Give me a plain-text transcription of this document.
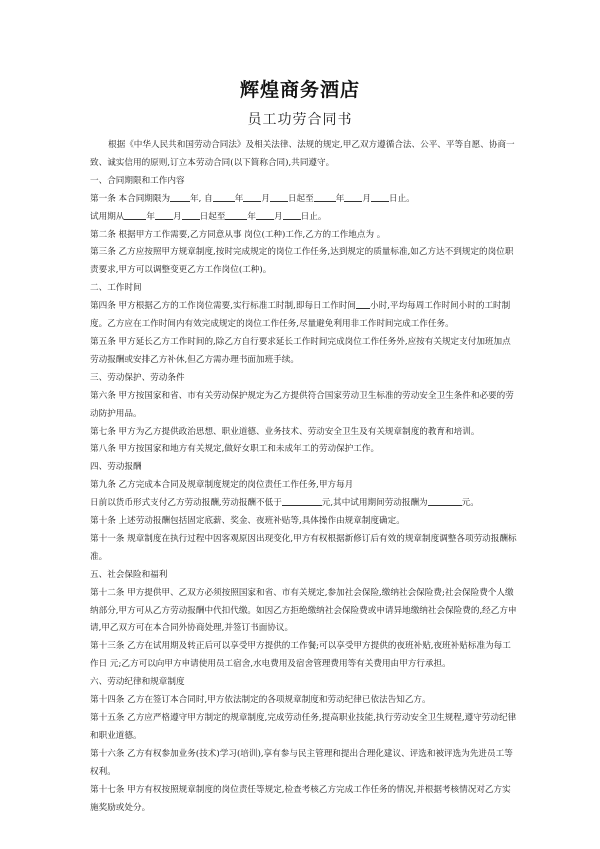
辉煌商务酒店
员工功劳合同书

根据《中华人民共和国劳动合同法》及相关法律、法规的规定,甲乙双方遵循合法、公平、平等自愿、协商一致、诚实信用的原则,订立本劳动合同(以下简称合同),共同遵守。

一、合同期限和工作内容

第一条 本合同期限为 年, 自	年 月 日起至	年 月 日止。

试用期从	年 月 日起至	年 月 日止。

第二条 根据甲方工作需要,乙方同意从事 岗位(工种)工作,乙方的工作地点为 。

第三条 乙方应按照甲方规章制度,按时完成规定的岗位工作任务,达到规定的质量标准,如乙方达不到规定的岗位职责要求,甲方可以调整变更乙方工作岗位(工种)。

二、工作时间

第四条 甲方根据乙方的工作岗位需要,实行标准工时制,即每日工作时间 小时,平均每周工作时间小时的工时制度。乙方应在工作时间内有效完成规定的岗位工作任务,尽量避免利用非工作时间完成工作任务。

第五条 甲方延长乙方工作时间的,除乙方自行要求延长工作时间完成岗位工作任务外,应按有关规定支付加班加点劳动报酬或安排乙方补休,但乙方需办理书面加班手续。

三、劳动保护、劳动条件

第六条 甲方按国家和省、市有关劳动保护规定为乙方提供符合国家劳动卫生标准的劳动安全卫生条件和必要的劳动防护用品。

第七条 甲方为乙方提供政治思想、职业道德、业务技术、劳动安全卫生及有关规章制度的教育和培训。

第八条 甲方按国家和地方有关规定,做好女职工和未成年工的劳动保护工作。

四、劳动报酬

第九条 乙方完成本合同及规章制度规定的岗位责任工作任务,甲方每月
日前以货币形式支付乙方劳动报酬,劳动报酬不低于	元,其中试用期间劳动报酬为	元。

第十条 上述劳动报酬包括固定底薪、奖金、夜班补贴等,具体操作由规章制度确定。

第十一条 规章制度在执行过程中因客观原因出现变化,甲方有权根据新修订后有效的规章制度调整各项劳动报酬标准。

五、社会保险和福利

第十二条 甲方提供甲、乙双方必须按照国家和省、市有关规定,参加社会保险,缴纳社会保险费;社会保险费个人缴纳部分,甲方可从乙方劳动报酬中代扣代缴。如因乙方拒绝缴纳社会保险费或申请异地缴纳社会保险费的,经乙方申请,甲乙双方可在本合同外协商处理,并签订书面协议。

第十三条 乙方在试用期及转正后可以享受甲方提供的工作餐;可以享受甲方提供的夜班补贴,夜班补贴标准为每工作日 元;乙方可以向甲方申请使用员工宿舍,水电费用及宿舍管理费用等有关费用由甲方行承担。

六、劳动纪律和规章制度

第十四条 乙方在签订本合同时,甲方依法制定的各项规章制度和劳动纪律已依法告知乙方。

第十五条 乙方应严格遵守甲方制定的规章制度,完成劳动任务,提高职业技能,执行劳动安全卫生规程,遵守劳动纪律和职业道德。

第十六条 乙方有权参加业务(技术)学习(培训),享有参与民主管理和提出合理化建议、评选和被评选为先进员工等权利。

第十七条 甲方有权按照规章制度的岗位责任等规定,检查考核乙方完成工作任务的情况,并根据考核情况对乙方实施奖励或处分。
